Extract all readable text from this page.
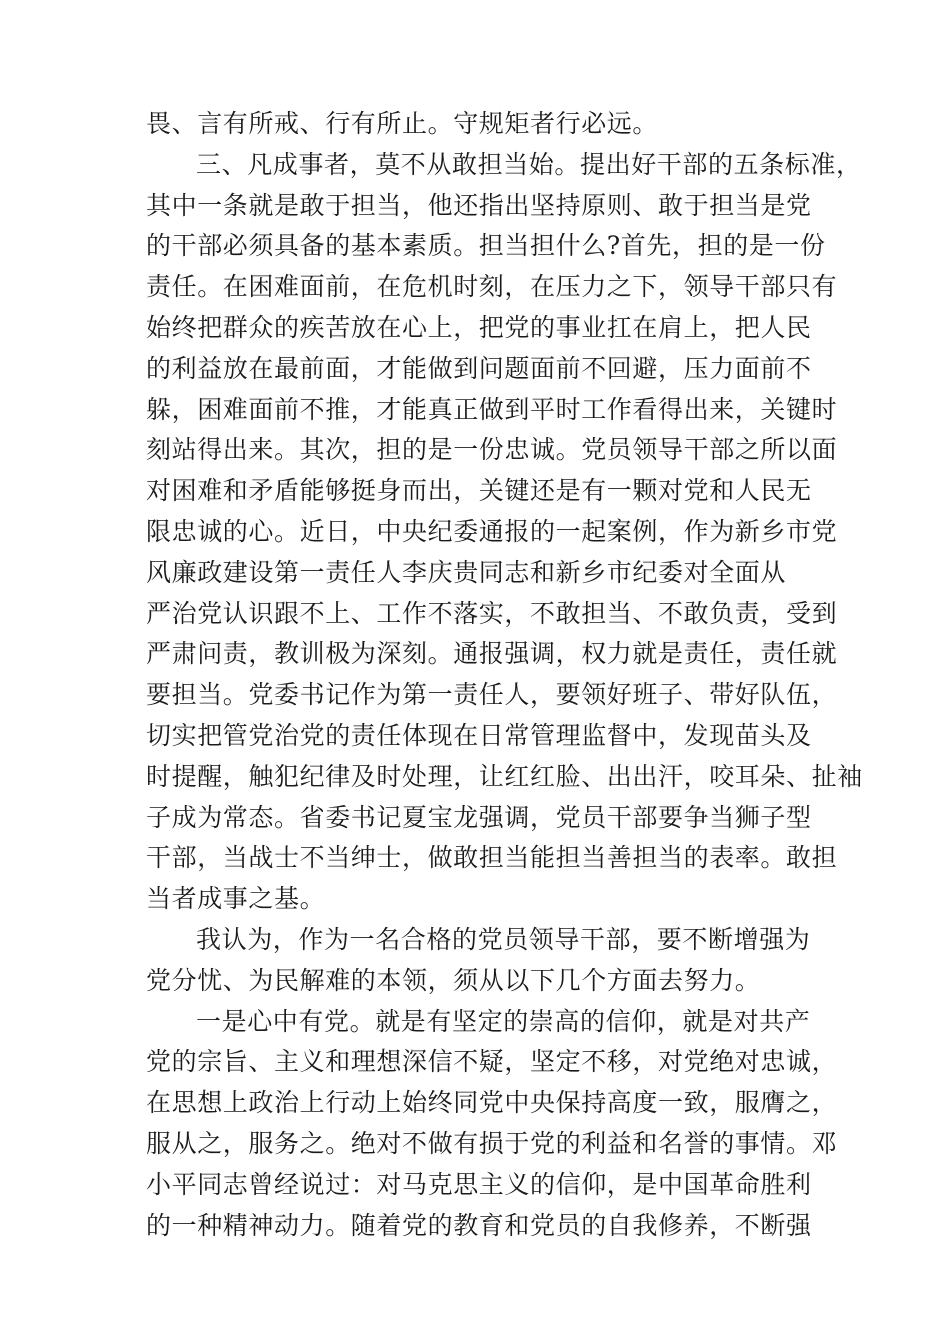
畏、言有所戒、行有所止。守规矩者行必远。
三、凡成事者，莫不从敢担当始。提出好干部的五条标准，
其中一条就是敢于担当，他还指出坚持原则、敢于担当是党
的干部必须具备的基本素质。担当担什么?首先，担的是一份
责任。在困难面前，在危机时刻，在压力之下，领导干部只有
始终把群众的疾苦放在心上，把党的事业扛在肩上，把人民
的利益放在最前面，才能做到问题面前不回避，压力面前不
躲，困难面前不推，才能真正做到平时工作看得出来，关键时
刻站得出来。其次，担的是一份忠诚。党员领导干部之所以面
对困难和矛盾能够挺身而出，关键还是有一颗对党和人民无
限忠诚的心。近日，中央纪委通报的一起案例，作为新乡市党
风廉政建设第一责任人李庆贵同志和新乡市纪委对全面从
严治党认识跟不上、工作不落实，不敢担当、不敢负责，受到
严肃问责，教训极为深刻。通报强调，权力就是责任，责任就
要担当。党委书记作为第一责任人，要领好班子、带好队伍，
切实把管党治党的责任体现在日常管理监督中，发现苗头及
时提醒，触犯纪律及时处理，让红红脸、出出汗，咬耳朵、扯袖
子成为常态。省委书记夏宝龙强调，党员干部要争当狮子型
干部，当战士不当绅士，做敢担当能担当善担当的表率。敢担
当者成事之基。
我认为，作为一名合格的党员领导干部，要不断增强为
党分忧、为民解难的本领，须从以下几个方面去努力。
一是心中有党。就是有坚定的崇高的信仰，就是对共产
党的宗旨、主义和理想深信不疑，坚定不移，对党绝对忠诚，
在思想上政治上行动上始终同党中央保持高度一致，服膺之，
服从之，服务之。绝对不做有损于党的利益和名誉的事情。邓
小平同志曾经说过：对马克思主义的信仰，是中国革命胜利
的一种精神动力。随着党的教育和党员的自我修养，不断强
